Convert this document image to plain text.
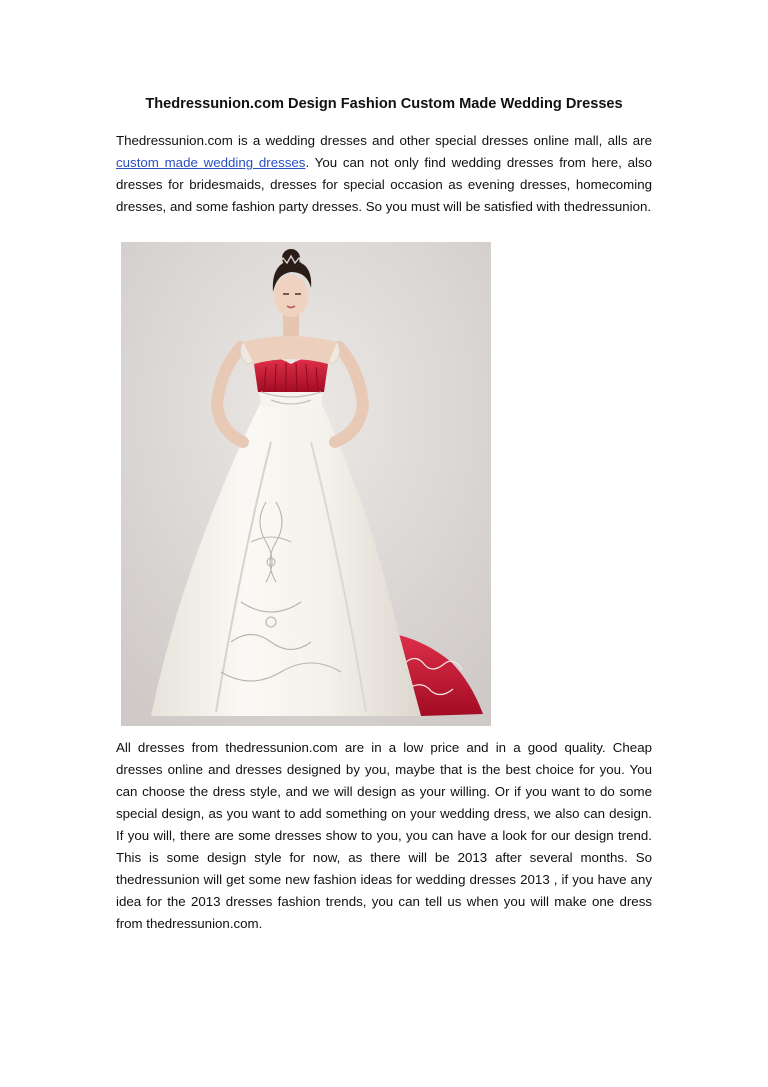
Thedressunion.com Design Fashion Custom Made Wedding Dresses

Thedressunion.com is a wedding dresses and other special dresses online mall, alls are custom made wedding dresses. You can not only find wedding dresses from here, also dresses for bridesmaids, dresses for special occasion as evening dresses, homecoming dresses, and some fashion party dresses. So you must will be satisfied with thedressunion.

All dresses from thedressunion.com are in a low price and in a good quality. Cheap dresses online and dresses designed by you, maybe that is the best choice for you. You can choose the dress style, and we will design as your willing. Or if you want to do some special design, as you want to add something on your wedding dress, we also can design. If you will, there are some dresses show to you, you can have a look for our design trend. This is some design style for now, as there will be 2013 after several months. So thedressunion will get some new fashion ideas for wedding dresses 2013 , if you have any idea for the 2013 dresses fashion trends, you can tell us when you will make one dress from thedressunion.com.
